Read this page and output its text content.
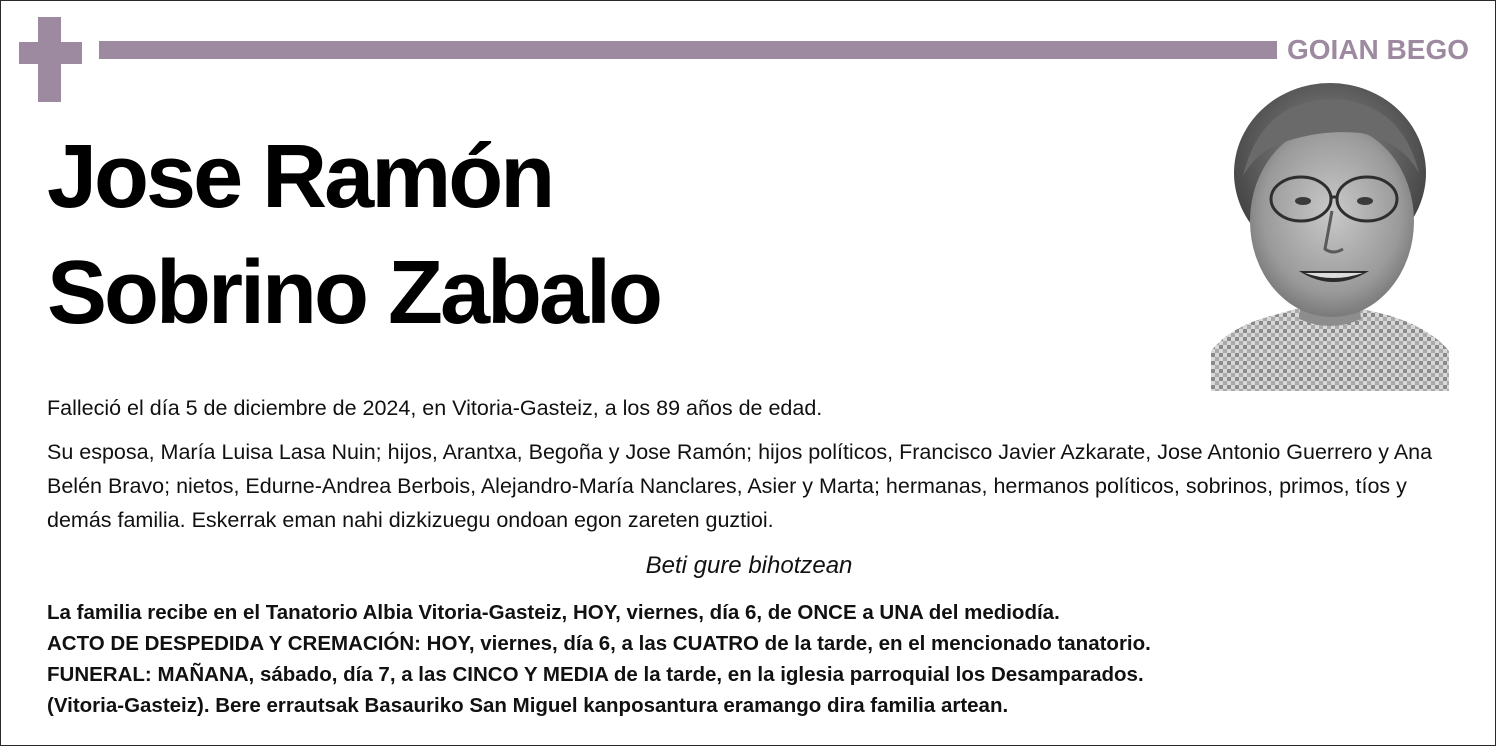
GOIAN BEGO
Jose Ramón
Sobrino Zabalo
Falleció el día 5 de diciembre de 2024, en Vitoria-Gasteiz, a los 89 años de edad.
Su esposa, María Luisa Lasa Nuin; hijos, Arantxa, Begoña y Jose Ramón; hijos políticos, Francisco Javier Azkarate, Jose Antonio Guerrero y Ana Belén Bravo; nietos, Edurne-Andrea Berbois, Alejandro-María Nanclares, Asier y Marta; hermanas, hermanos políticos, sobrinos, primos, tíos y demás familia. Eskerrak eman nahi dizkizuegu ondoan egon zareten guztioi.
Beti gure bihotzean
La familia recibe en el Tanatorio Albia Vitoria-Gasteiz, HOY, viernes, día 6, de ONCE a UNA del mediodía.
ACTO DE DESPEDIDA Y CREMACIÓN: HOY, viernes, día 6, a las CUATRO de la tarde, en el mencionado tanatorio.
FUNERAL: MAÑANA, sábado, día 7, a las CINCO Y MEDIA de la tarde, en la iglesia parroquial los Desamparados.
(Vitoria-Gasteiz). Bere errautsak Basauriko San Miguel kanposantura eramango dira familia artean.
